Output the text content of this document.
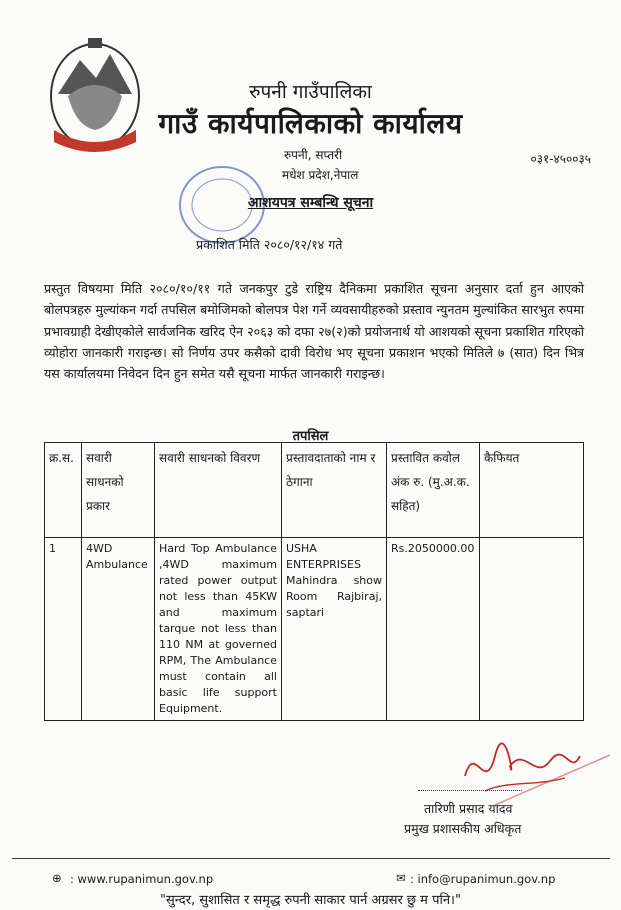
रुपनी गाउँपालिका
गाउँ कार्यपालिकाको कार्यालय
रुपनी, सप्तरी
मधेश प्रदेश,नेपाल
०३१-४५००३५
आशयपत्र सम्बन्धि सूचना
प्रकाशित मिति २०८०/१२/१४ गते
प्रस्तुत विषयमा मिति २०८०/१०/११ गते जनकपुर टुडे राष्ट्रिय दैनिकमा प्रकाशित सूचना अनुसार दर्ता हुन आएको बोलपत्रहरु मुल्यांकन गर्दा तपसिल बमोजिमको बोलपत्र पेश गर्ने व्यवसायीहरुको प्रस्ताव न्युनतम मुल्यांकित सारभुत रुपमा प्रभावग्राही देखीएकोले सार्वजनिक खरिद ऐन २०६३ को दफा २७(२)को प्रयोजनार्थ यो आशयको सूचना प्रकाशित गरिएको व्योहोरा जानकारी गराइन्छ। सो निर्णय उपर कसैको दावी विरोध भए सूचना प्रकाशन भएको मितिले ७ (सात) दिन भित्र यस कार्यालयमा निवेदन दिन हुन समेत यसै सूचना मार्फत जानकारी गराइन्छ।
तपसिल
क्र.स.	सवारी साधनको प्रकार	सवारी साधनको विवरण	प्रस्तावदाताको नाम र ठेगाना	प्रस्तावित कवोल अंक रु. (मु.अ.क. सहित)	कैफियत
1	4WD Ambulance	Hard Top Ambulance ,4WD maximum rated power output not less than 45KW and maximum tarque not less than 110 NM at governed RPM, The Ambulance must contain all basic life support Equipment.	USHA ENTERPRISES Mahindra show Room Rajbiraj, saptari	Rs.2050000.00	
तारिणी प्रसाद यादव
प्रमुख प्रशासकीय अधिकृत
⊕ : www.rupanimun.gov.np	✉ : info@rupanimun.gov.np
"सुन्दर, सुशासित र समृद्ध रुपनी साकार पार्न अग्रसर छु म पनि।"
